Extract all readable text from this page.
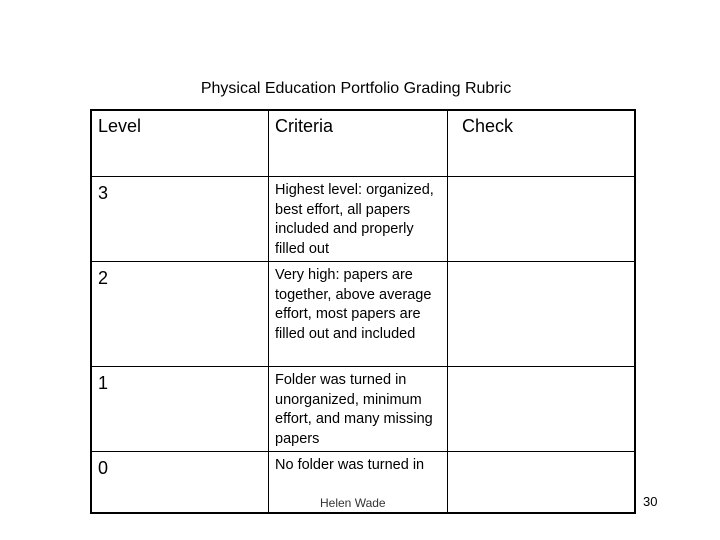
Physical Education Portfolio Grading Rubric
Level	Criteria	Check

3	Highest level: organized, best effort, all papers included and properly filled out	

2	Very high: papers are together, above average effort, most papers are filled out and included	

1	Folder was turned in unorganized, minimum effort, and many missing papers	

0	No folder was turned in	

Helen Wade	30
